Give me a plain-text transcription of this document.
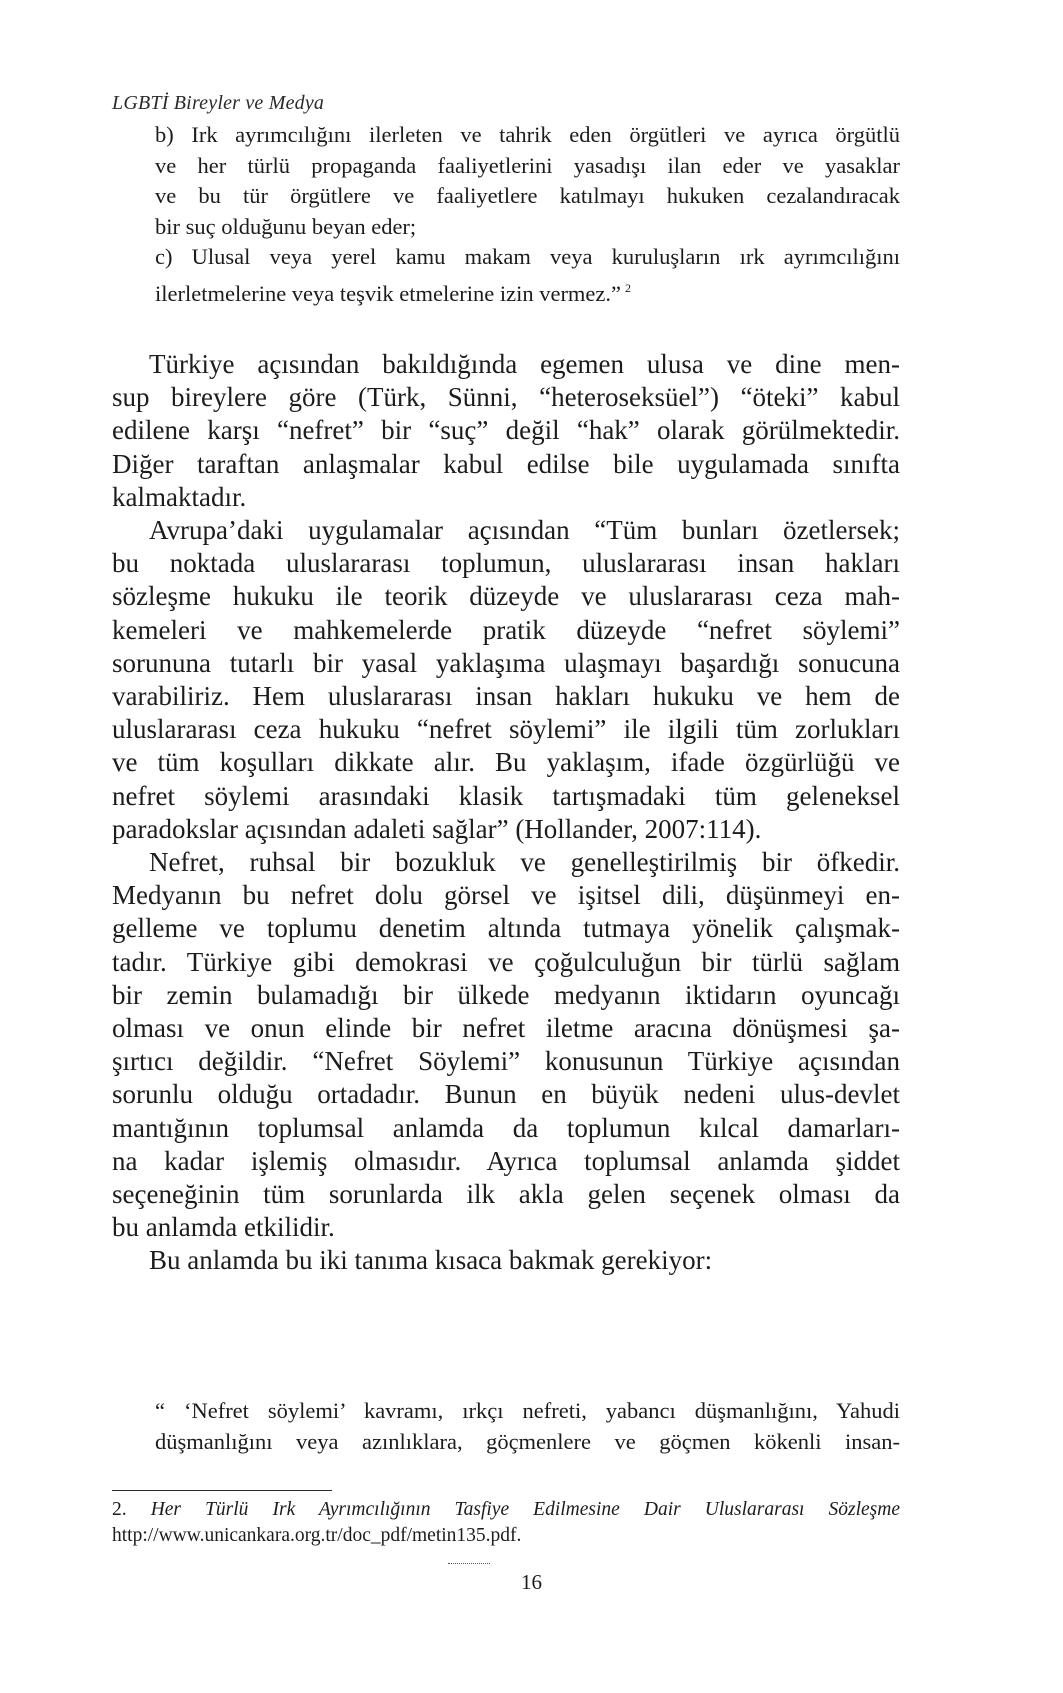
LGBTİ Bireyler ve Medya
b) Irk ayrımcılığını ilerleten ve tahrik eden örgütleri ve ayrıca örgütlü
ve her türlü propaganda faaliyetlerini yasadışı ilan eder ve yasaklar
ve bu tür örgütlere ve faaliyetlere katılmayı hukuken cezalandıracak
bir suç olduğunu beyan eder;
c) Ulusal veya yerel kamu makam veya kuruluşların ırk ayrımcılığını
ilerletmelerine veya teşvik etmelerine izin vermez.” $^2$
Türkiye açısından bakıldığında egemen ulusa ve dine men-
sup bireylere göre (Türk, Sünni, “heteroseksüel”) “öteki” kabul
edilene karşı “nefret” bir “suç” değil “hak” olarak görülmektedir.
Diğer taraftan anlaşmalar kabul edilse bile uygulamada sınıfta
kalmaktadır.
Avrupa’daki uygulamalar açısından “Tüm bunları özetlersek;
bu noktada uluslararası toplumun, uluslararası insan hakları
sözleşme hukuku ile teorik düzeyde ve uluslararası ceza mah-
kemeleri ve mahkemelerde pratik düzeyde “nefret söylemi”
sorununa tutarlı bir yasal yaklaşıma ulaşmayı başardığı sonucuna
varabiliriz. Hem uluslararası insan hakları hukuku ve hem de
uluslararası ceza hukuku “nefret söylemi” ile ilgili tüm zorlukları
ve tüm koşulları dikkate alır. Bu yaklaşım, ifade özgürlüğü ve
nefret söylemi arasındaki klasik tartışmadaki tüm geleneksel
paradokslar açısından adaleti sağlar” (Hollander, 2007:114).
Nefret, ruhsal bir bozukluk ve genelleştirilmiş bir öfkedir.
Medyanın bu nefret dolu görsel ve işitsel dili, düşünmeyi en-
gelleme ve toplumu denetim altında tutmaya yönelik çalışmak-
tadır. Türkiye gibi demokrasi ve çoğulculuğun bir türlü sağlam
bir zemin bulamadığı bir ülkede medyanın iktidarın oyuncağı
olması ve onun elinde bir nefret iletme aracına dönüşmesi şa-
şırtıcı değildir. “Nefret Söylemi” konusunun Türkiye açısından
sorunlu olduğu ortadadır. Bunun en büyük nedeni ulus-devlet
mantığının toplumsal anlamda da toplumun kılcal damarları-
na kadar işlemiş olmasıdır. Ayrıca toplumsal anlamda şiddet
seçeneğinin tüm sorunlarda ilk akla gelen seçenek olması da
bu anlamda etkilidir.
Bu anlamda bu iki tanıma kısaca bakmak gerekiyor:
“ ‘Nefret söylemi’ kavramı, ırkçı nefreti, yabancı düşmanlığını, Yahudi
düşmanlığını veya azınlıklara, göçmenlere ve göçmen kökenli insan-
2. Her Türlü Irk Ayrımcılığının Tasfiye Edilmesine Dair Uluslararası Sözleşme
http://www.unicankara.org.tr/doc_pdf/metin135.pdf.
16
